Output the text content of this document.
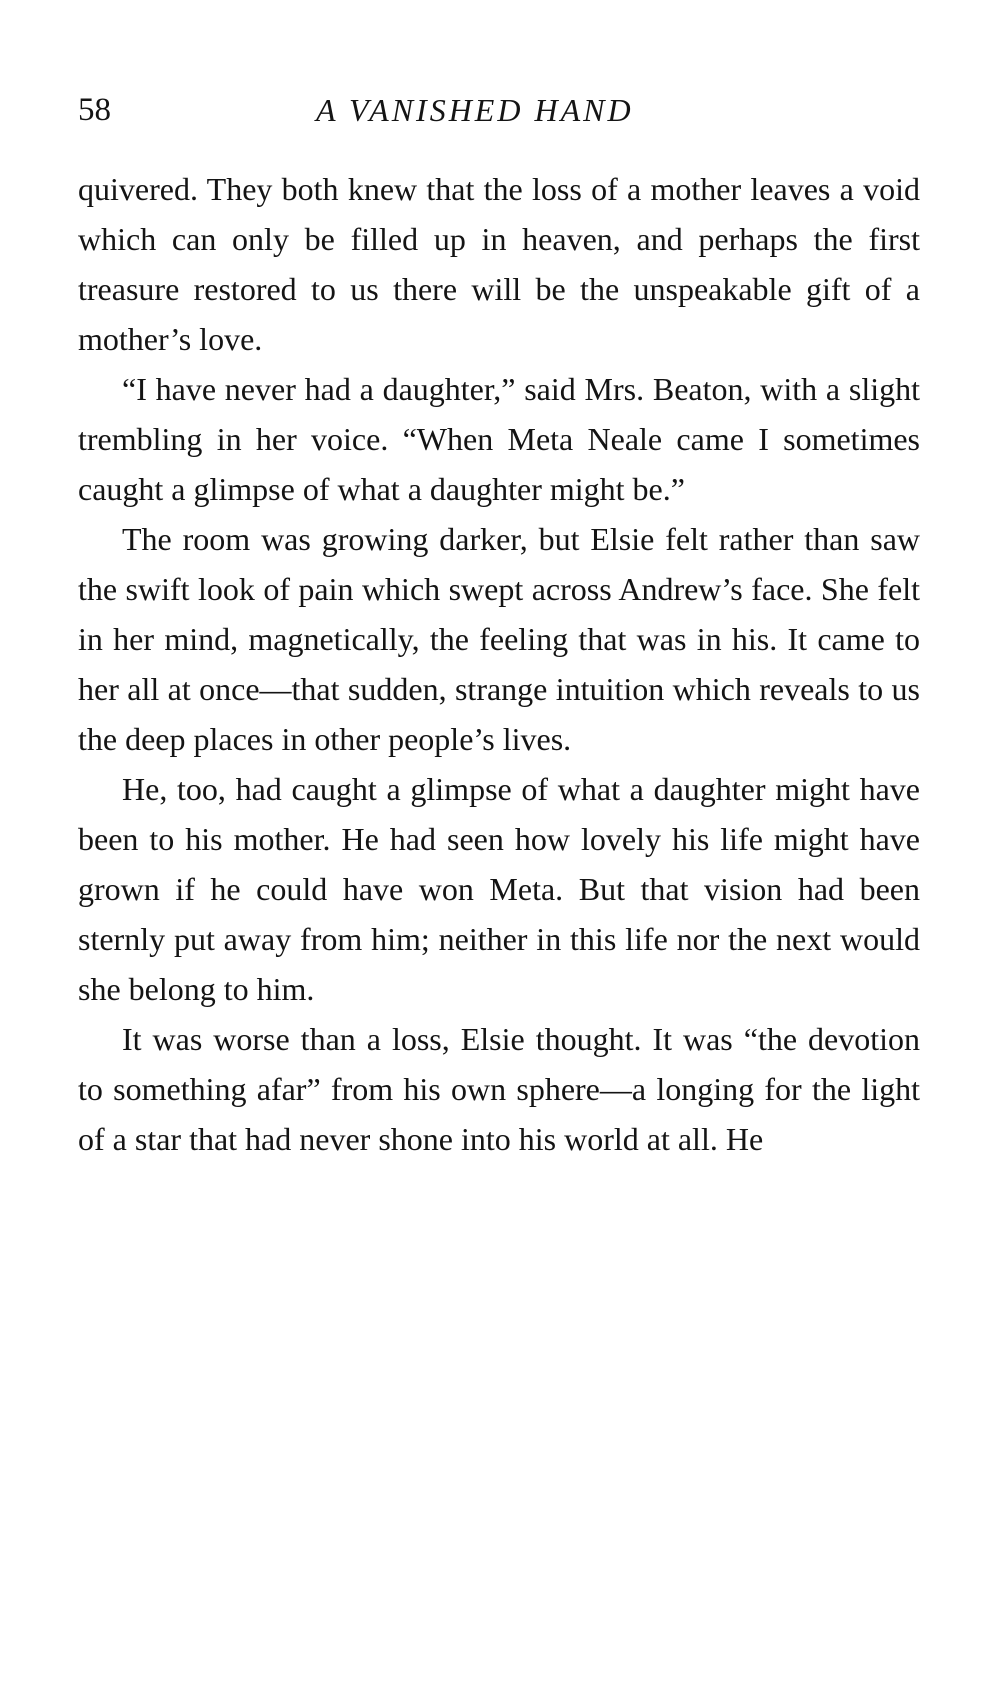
58	A VANISHED HAND

quivered. They both knew that the loss of a mother leaves a void which can only be filled up in heaven, and perhaps the first treasure restored to us there will be the unspeakable gift of a mother’s love.

“I have never had a daughter,” said Mrs. Beaton, with a slight trembling in her voice. “When Meta Neale came I sometimes caught a glimpse of what a daughter might be.”

The room was growing darker, but Elsie felt rather than saw the swift look of pain which swept across Andrew’s face. She felt in her mind, magnetically, the feeling that was in his. It came to her all at once—that sudden, strange intuition which reveals to us the deep places in other people’s lives.

He, too, had caught a glimpse of what a daughter might have been to his mother. He had seen how lovely his life might have grown if he could have won Meta. But that vision had been sternly put away from him; neither in this life nor the next would she belong to him.

It was worse than a loss, Elsie thought. It was “the devotion to something afar” from his own sphere—a longing for the light of a star that had never shone into his world at all. He
